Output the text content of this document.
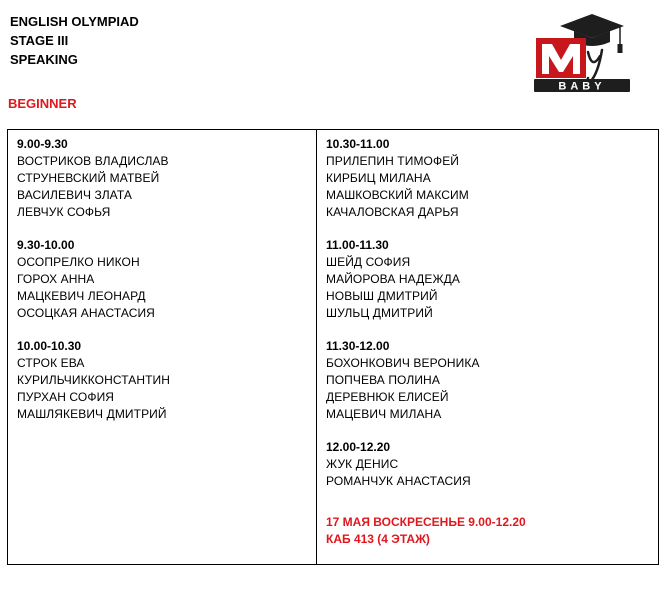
ENGLISH OLYMPIAD
STAGE III
SPEAKING
BEGINNER
BABY
9.00-9.30
ВОСТРИКОВ ВЛАДИСЛАВ
СТРУНЕВСКИЙ МАТВЕЙ
ВАСИЛЕВИЧ ЗЛАТА
ЛЕВЧУК СОФЬЯ
9.30-10.00
ОСОПРЕЛКО НИКОН
ГОРОХ АННА
МАЦКЕВИЧ ЛЕОНАРД
ОСОЦКАЯ АНАСТАСИЯ
10.00-10.30
СТРОК ЕВА
КУРИЛЬЧИККОНСТАНТИН
ПУРХАН СОФИЯ
МАШЛЯКЕВИЧ ДМИТРИЙ
10.30-11.00
ПРИЛЕПИН ТИМОФЕЙ
КИРБИЦ МИЛАНА
МАШКОВСКИЙ МАКСИМ
КАЧАЛОВСКАЯ ДАРЬЯ
11.00-11.30
ШЕЙД СОФИЯ
МАЙОРОВА НАДЕЖДА
НОВЫШ ДМИТРИЙ
ШУЛЬЦ ДМИТРИЙ
11.30-12.00
БОХОНКОВИЧ ВЕРОНИКА
ПОПЧЕВА ПОЛИНА
ДЕРЕВНЮК ЕЛИСЕЙ
МАЦЕВИЧ МИЛАНА
12.00-12.20
ЖУК ДЕНИС
РОМАНЧУК АНАСТАСИЯ
17 МАЯ ВОСКРЕСЕНЬЕ 9.00-12.20
КАБ 413 (4 ЭТАЖ)
